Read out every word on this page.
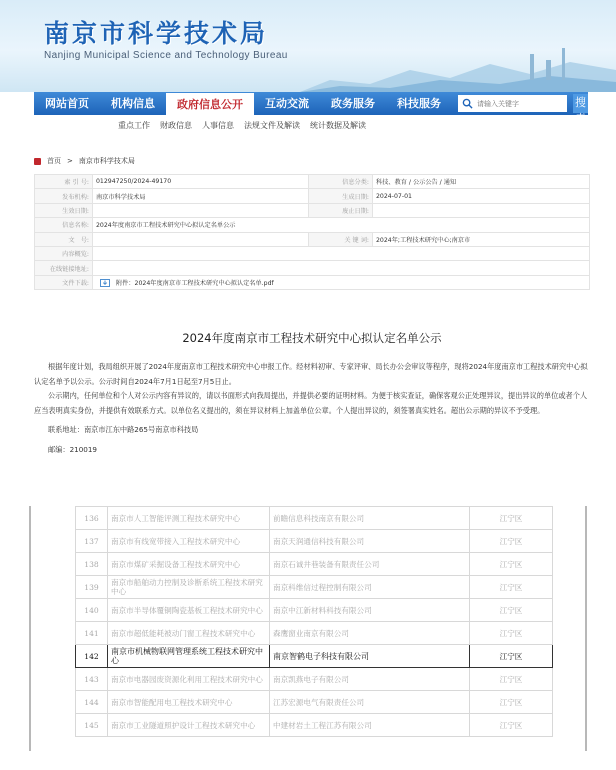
南京市科学技术局
Nanjing Municipal Science and Technology Bureau
网站首页	机构信息	政府信息公开	互动交流	政务服务	科技服务
请输入关键字	搜索
重点工作 财政信息 人事信息 法规文件及解读 统计数据及解读
首页 > 南京市科学技术局
索 引 号:	012947250/2024-49170	信息分类:	科技、教育 / 公示公告 / 通知
发布机构:	南京市科学技术局	生成日期:	2024-07-01
生效日期:		废止日期:	
信息名称:	2024年度南京市工程技术研究中心拟认定名单公示		
文　号:		关 键 词:	2024年;工程技术研究中心;南京市
内容概览:			
在线链接地址:			
文件下载:	附件：2024年度南京市工程技术研究中心拟认定名单.pdf		
2024年度南京市工程技术研究中心拟认定名单公示

根据年度计划，我局组织开展了2024年度南京市工程技术研究中心申报工作。经材料初审、专家评审、局长办公会审议等程序，现将2024年度南京市工程技术研究中心拟认定名单予以公示。公示时间自2024年7月1日起至7月5日止。

公示期内，任何单位和个人对公示内容有异议的，请以书面形式向我局提出，并提供必要的证明材料。为便于核实查证，确保客观公正处理异议，提出异议的单位或者个人应当表明真实身份，并提供有效联系方式。以单位名义提出的，须在异议材料上加盖单位公章。个人提出异议的，须签署真实姓名。超出公示期的异议不予受理。

联系地址：南京市江东中路265号南京市科技局

邮编：210019

136	南京市人工智能评测工程技术研究中心	前瞻信息科技南京有限公司	江宁区
137	南京市有线宽带接入工程技术研究中心	南京天润通信科技有限公司	江宁区
138	南京市煤矿采掘设备工程技术研究中心	南京石诚井巷装备有限责任公司	江宁区
139	南京市船舶动力控制及诊断系统工程技术研究中心	南京科维信过程控制有限公司	江宁区
140	南京市半导体覆铜陶瓷基板工程技术研究中心	南京中江新材料科技有限公司	江宁区
141	南京市超低能耗被动门窗工程技术研究中心	森鹰窗业南京有限公司	江宁区
142	南京市机械物联网管理系统工程技术研究中心	南京智鹤电子科技有限公司	江宁区
143	南京市电器园废资源化利用工程技术研究中心	南京凯燕电子有限公司	江宁区
144	南京市智能配用电工程技术研究中心	江苏宏源电气有限责任公司	江宁区
145	南京市工业隧道照护设计工程技术研究中心	中建材岩土工程江苏有限公司	江宁区
